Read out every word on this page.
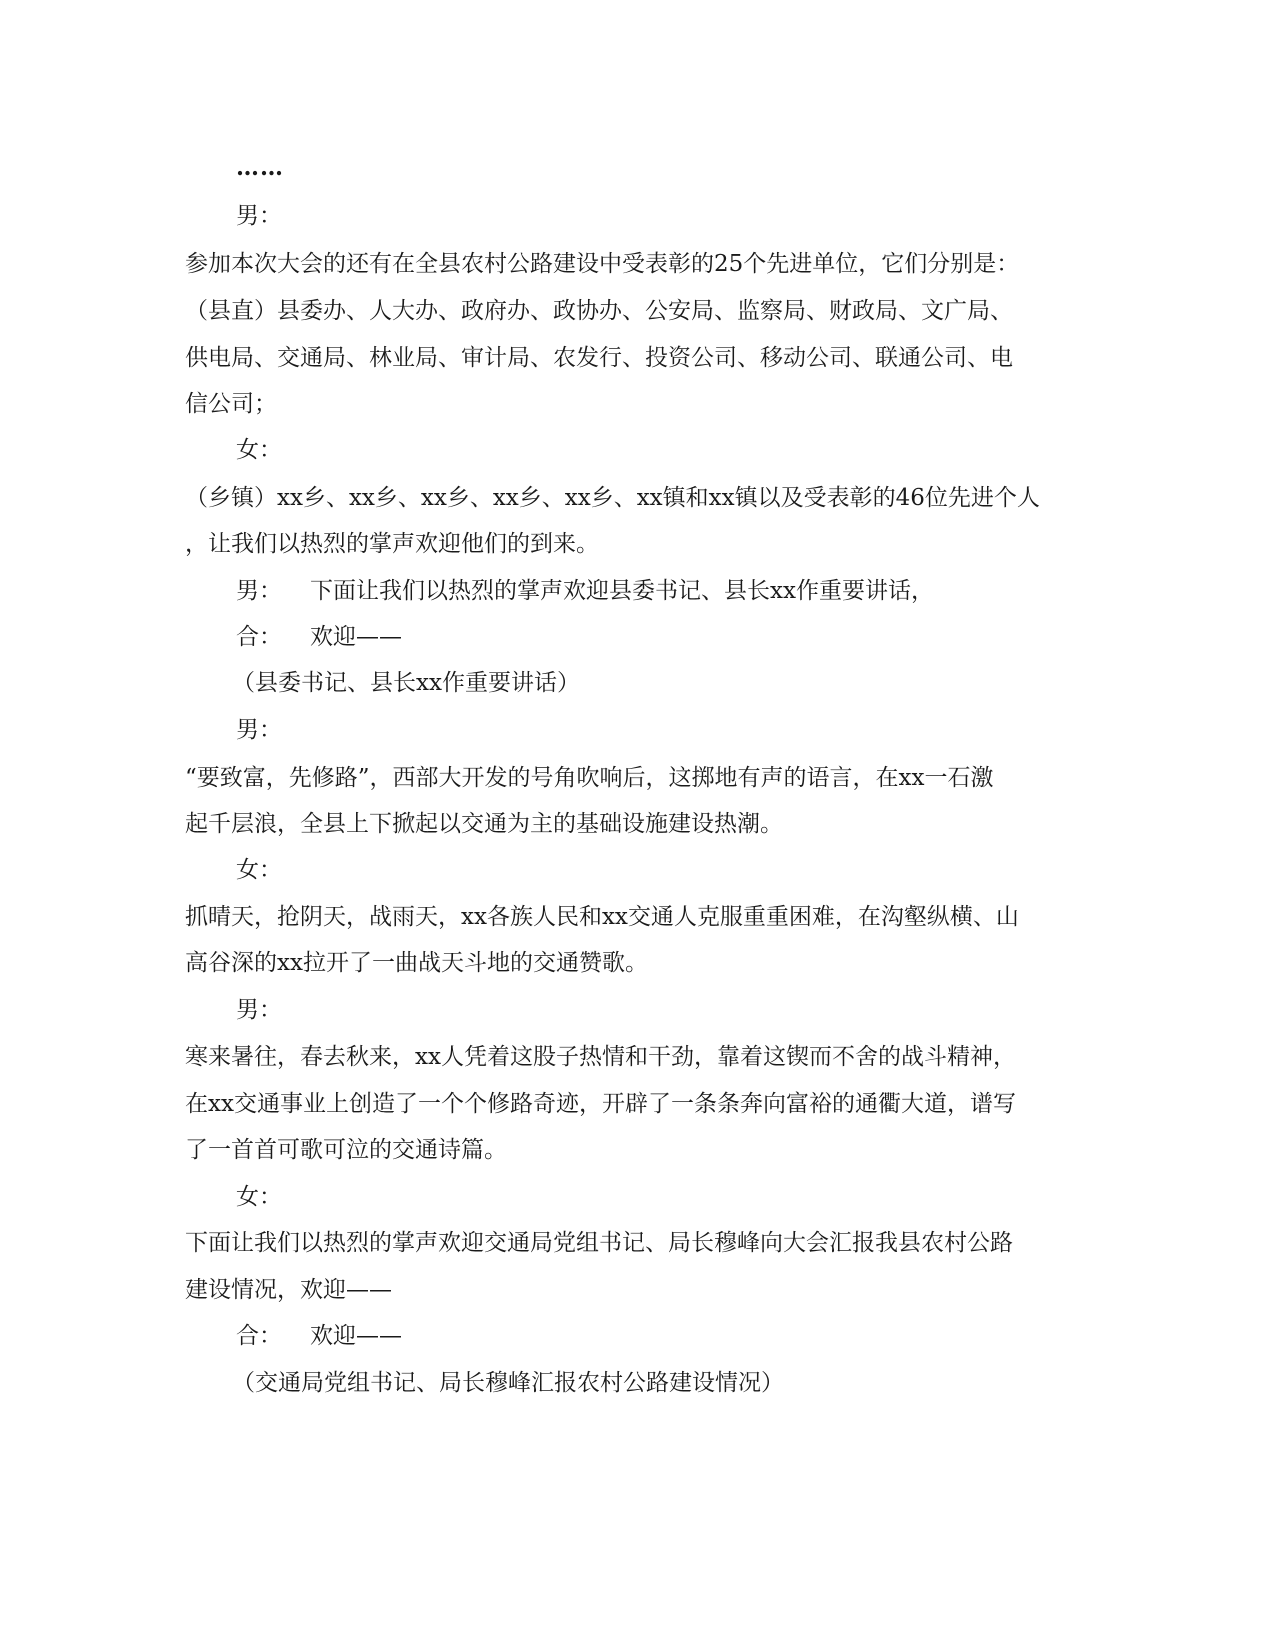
……
男：
参加本次大会的还有在全县农村公路建设中受表彰的25个先进单位，它们分别是：
（县直）县委办、人大办、政府办、政协办、公安局、监察局、财政局、文广局、
供电局、交通局、林业局、审计局、农发行、投资公司、移动公司、联通公司、电
信公司；
女：
（乡镇）xx乡、xx乡、xx乡、xx乡、xx乡、xx镇和xx镇以及受表彰的46位先进个人
，让我们以热烈的掌声欢迎他们的到来。
男： 下面让我们以热烈的掌声欢迎县委书记、县长xx作重要讲话，
合： 欢迎——
（县委书记、县长xx作重要讲话）
男：
“要致富，先修路”，西部大开发的号角吹响后，这掷地有声的语言，在xx一石激
起千层浪，全县上下掀起以交通为主的基础设施建设热潮。
女：
抓晴天，抢阴天，战雨天，xx各族人民和xx交通人克服重重困难，在沟壑纵横、山
高谷深的xx拉开了一曲战天斗地的交通赞歌。
男：
寒来暑往，春去秋来，xx人凭着这股子热情和干劲，靠着这锲而不舍的战斗精神，
在xx交通事业上创造了一个个修路奇迹，开辟了一条条奔向富裕的通衢大道，谱写
了一首首可歌可泣的交通诗篇。
女：
下面让我们以热烈的掌声欢迎交通局党组书记、局长穆峰向大会汇报我县农村公路
建设情况，欢迎——
合： 欢迎——
（交通局党组书记、局长穆峰汇报农村公路建设情况）
